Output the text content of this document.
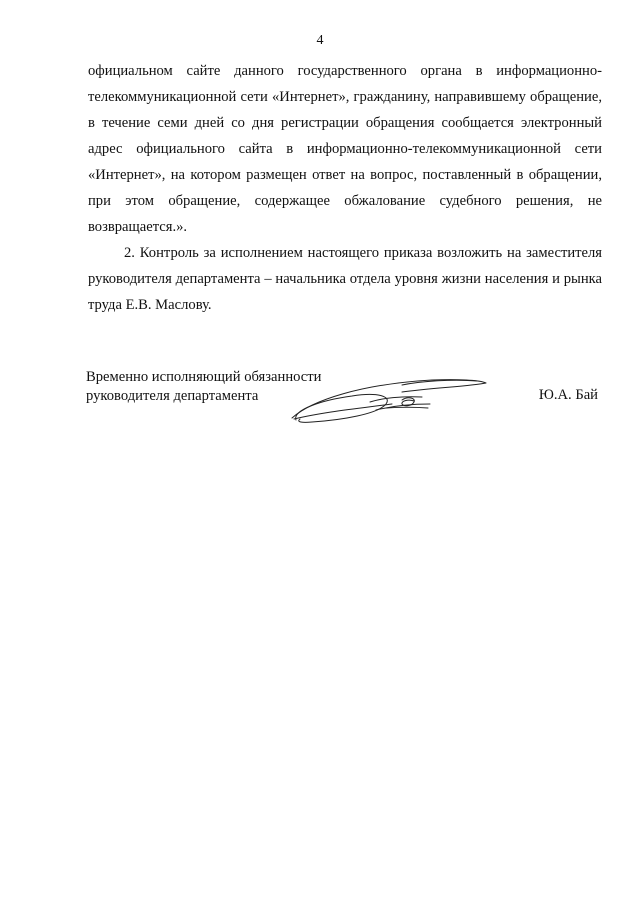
4

официальном сайте данного государственного органа в информационно-телекоммуникационной сети «Интернет», гражданину, направившему обращение, в течение семи дней со дня регистрации обращения сообщается электронный адрес официального сайта в информационно-телекоммуникационной сети «Интернет», на котором размещен ответ на вопрос, поставленный в обращении, при этом обращение, содержащее обжалование судебного решения, не возвращается.».

2. Контроль за исполнением настоящего приказа возложить на заместителя руководителя департамента – начальника отдела уровня жизни населения и рынка труда Е.В. Маслову.

Временно исполняющий обязанности
руководителя департамента	Ю.А. Бай
